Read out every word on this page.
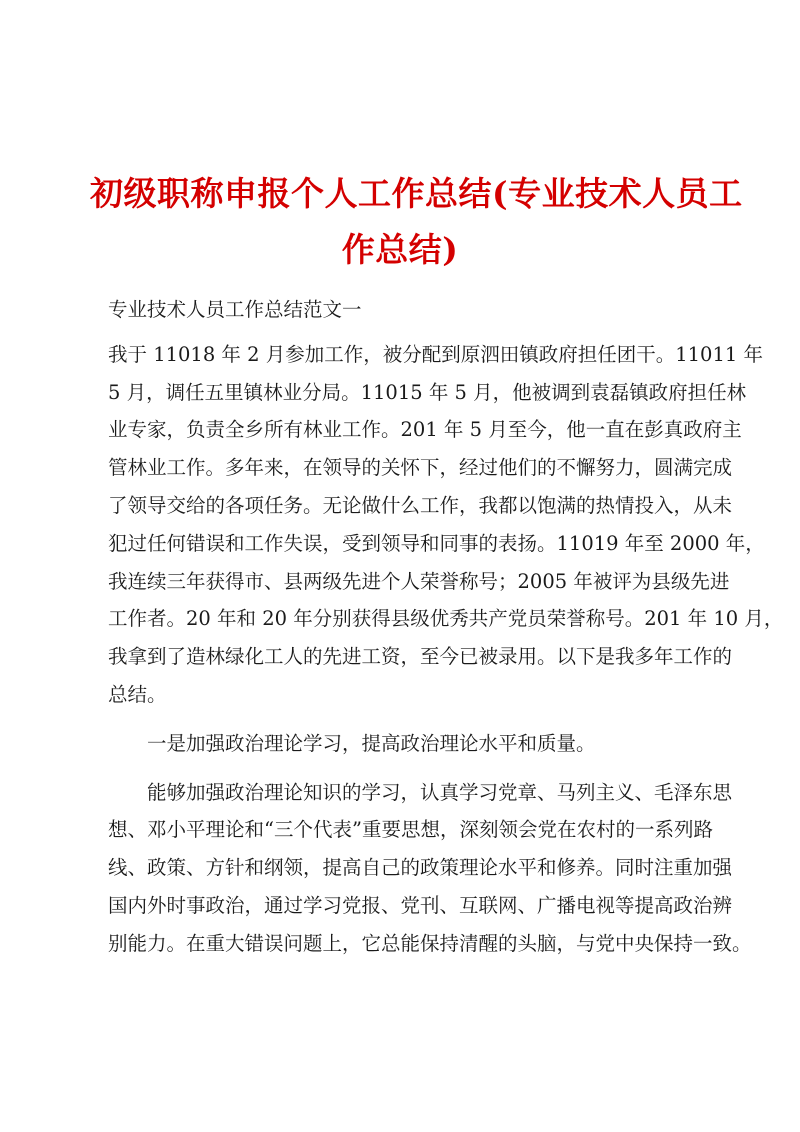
初级职称申报个人工作总结(专业技术人员工
作总结)
专业技术人员工作总结范文一
我于 11018 年 2 月参加工作，被分配到原泗田镇政府担任团干。11011 年
5 月，调任五里镇林业分局。11015 年 5 月，他被调到袁磊镇政府担任林
业专家，负责全乡所有林业工作。201 年 5 月至今，他一直在彭真政府主
管林业工作。多年来，在领导的关怀下，经过他们的不懈努力，圆满完成
了领导交给的各项任务。无论做什么工作，我都以饱满的热情投入，从未
犯过任何错误和工作失误，受到领导和同事的表扬。11019 年至 2000 年，
我连续三年获得市、县两级先进个人荣誉称号；2005 年被评为县级先进
工作者。20 年和 20 年分别获得县级优秀共产党员荣誉称号。201 年 10 月，
我拿到了造林绿化工人的先进工资，至今已被录用。以下是我多年工作的
总结。
一是加强政治理论学习，提高政治理论水平和质量。
能够加强政治理论知识的学习，认真学习党章、马列主义、毛泽东思
想、邓小平理论和“三个代表”重要思想，深刻领会党在农村的一系列路
线、政策、方针和纲领，提高自己的政策理论水平和修养。同时注重加强
国内外时事政治，通过学习党报、党刊、互联网、广播电视等提高政治辨
别能力。在重大错误问题上，它总能保持清醒的头脑，与党中央保持一致。
